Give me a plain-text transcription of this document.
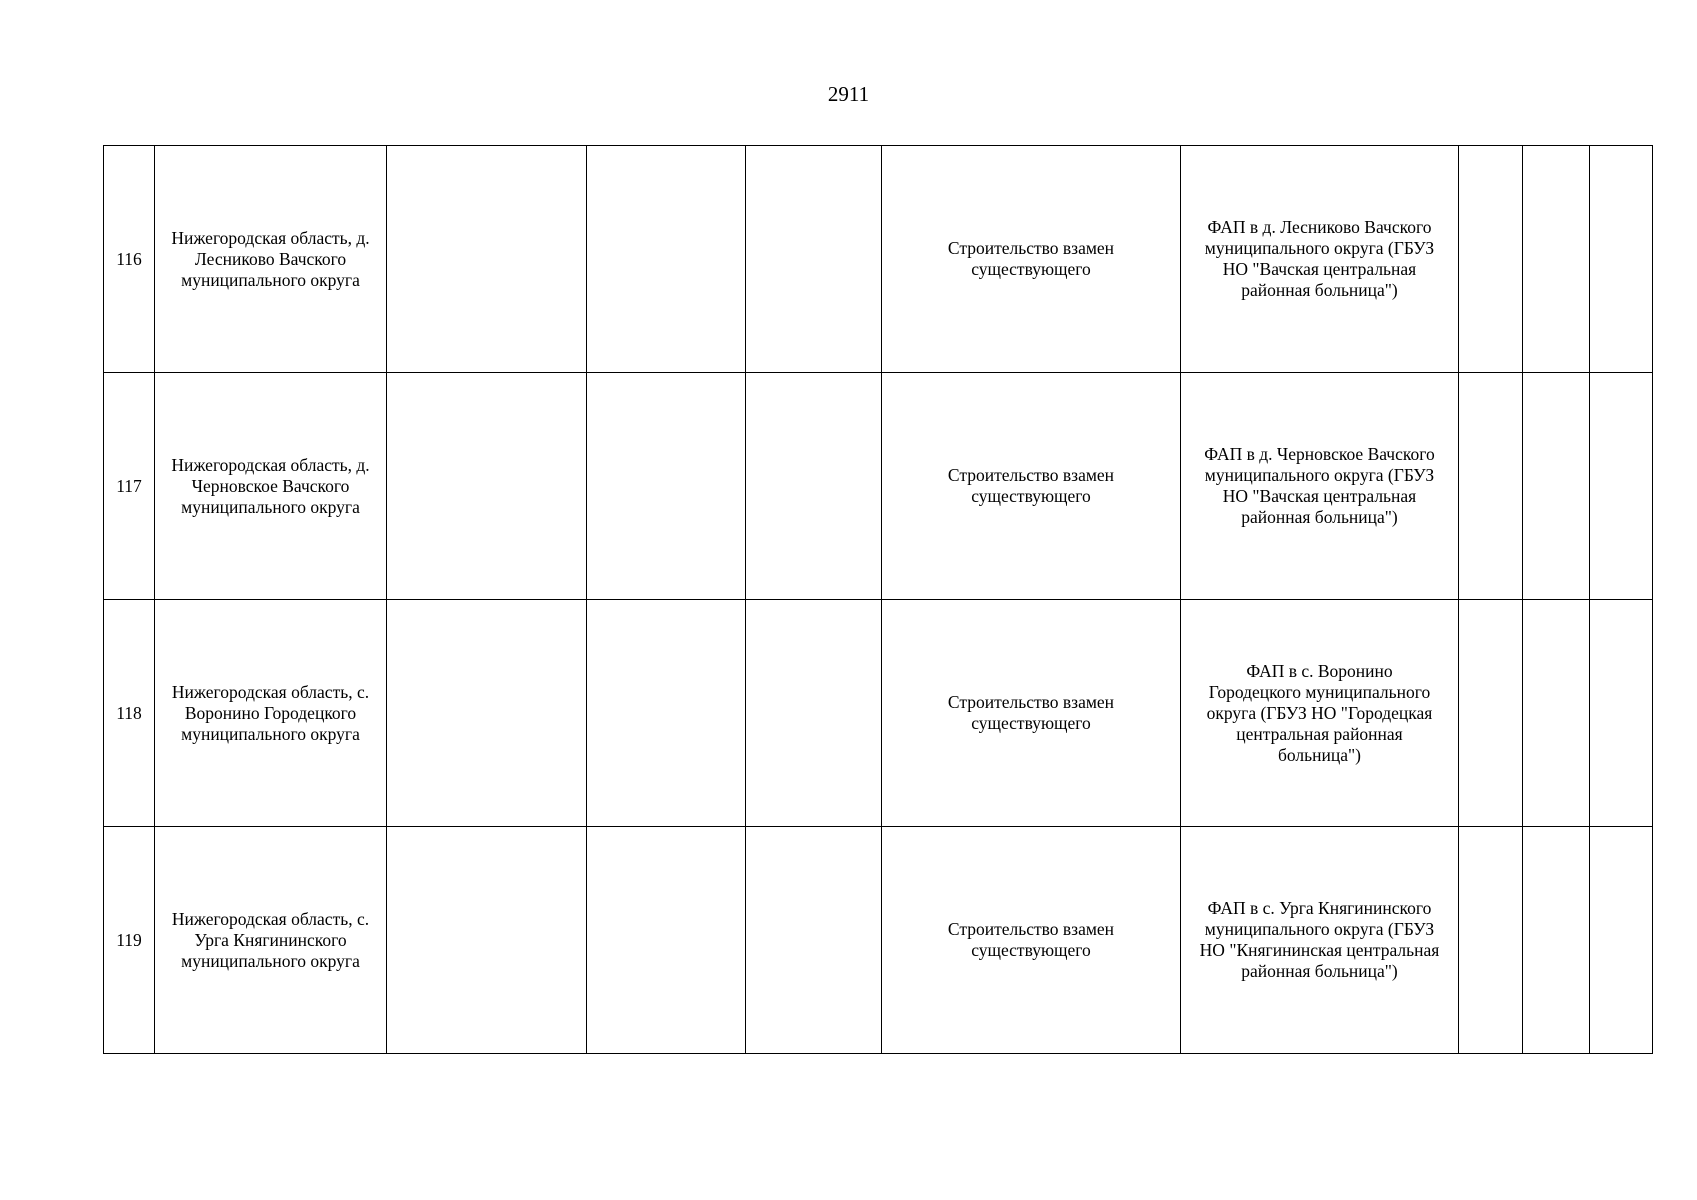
2911
116	Нижегородская область, д.
Лесниково Вачского
муниципального округа				Строительство взамен
существующего	ФАП в д. Лесниково Вачского
муниципального округа (ГБУЗ
НО "Вачская центральная
районная больница")			

117	Нижегородская область, д.
Черновское Вачского
муниципального округа				Строительство взамен
существующего	ФАП в д. Черновское Вачского
муниципального округа (ГБУЗ
НО "Вачская центральная
районная больница")			

118	Нижегородская область, с.
Воронино Городецкого
муниципального округа				Строительство взамен
существующего	ФАП в с. Воронино
Городецкого муниципального
округа (ГБУЗ НО "Городецкая
центральная районная
больница")			

119	Нижегородская область, с.
Урга Княгининского
муниципального округа				Строительство взамен
существующего	ФАП в с. Урга Княгининского
муниципального округа (ГБУЗ
НО "Княгининская центральная
районная больница")			
